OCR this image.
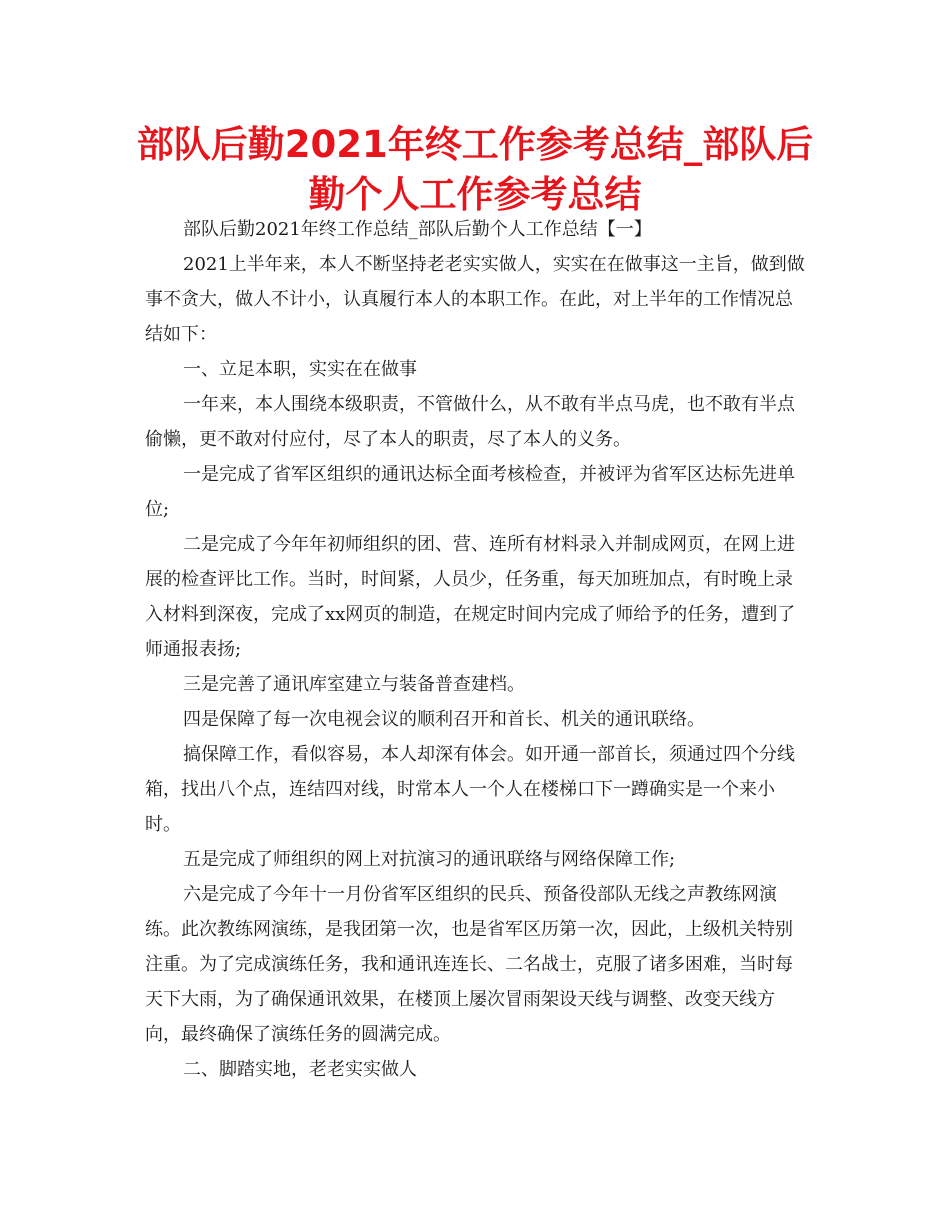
部队后勤2021年终工作参考总结_部队后勤个人工作参考总结

部队后勤2021年终工作总结_部队后勤个人工作总结【一】

2021上半年来，本人不断坚持老老实实做人，实实在在做事这一主旨，做到做事不贪大，做人不计小，认真履行本人的本职工作。在此，对上半年的工作情况总结如下：

一、立足本职，实实在在做事

一年来，本人围绕本级职责，不管做什么，从不敢有半点马虎，也不敢有半点偷懒，更不敢对付应付，尽了本人的职责，尽了本人的义务。

一是完成了省军区组织的通讯达标全面考核检查，并被评为省军区达标先进单位;

二是完成了今年年初师组织的团、营、连所有材料录入并制成网页，在网上进展的检查评比工作。当时，时间紧，人员少，任务重，每天加班加点，有时晚上录入材料到深夜，完成了xx网页的制造，在规定时间内完成了师给予的任务，遭到了师通报表扬;

三是完善了通讯库室建立与装备普查建档。

四是保障了每一次电视会议的顺利召开和首长、机关的通讯联络。

搞保障工作，看似容易，本人却深有体会。如开通一部首长，须通过四个分线箱，找出八个点，连结四对线，时常本人一个人在楼梯口下一蹲确实是一个来小时。

五是完成了师组织的网上对抗演习的通讯联络与网络保障工作;

六是完成了今年十一月份省军区组织的民兵、预备役部队无线之声教练网演练。此次教练网演练，是我团第一次，也是省军区历第一次，因此，上级机关特别注重。为了完成演练任务，我和通讯连连长、二名战士，克服了诸多困难，当时每天下大雨，为了确保通讯效果，在楼顶上屡次冒雨架设天线与调整、改变天线方向，最终确保了演练任务的圆满完成。

二、脚踏实地，老老实实做人
